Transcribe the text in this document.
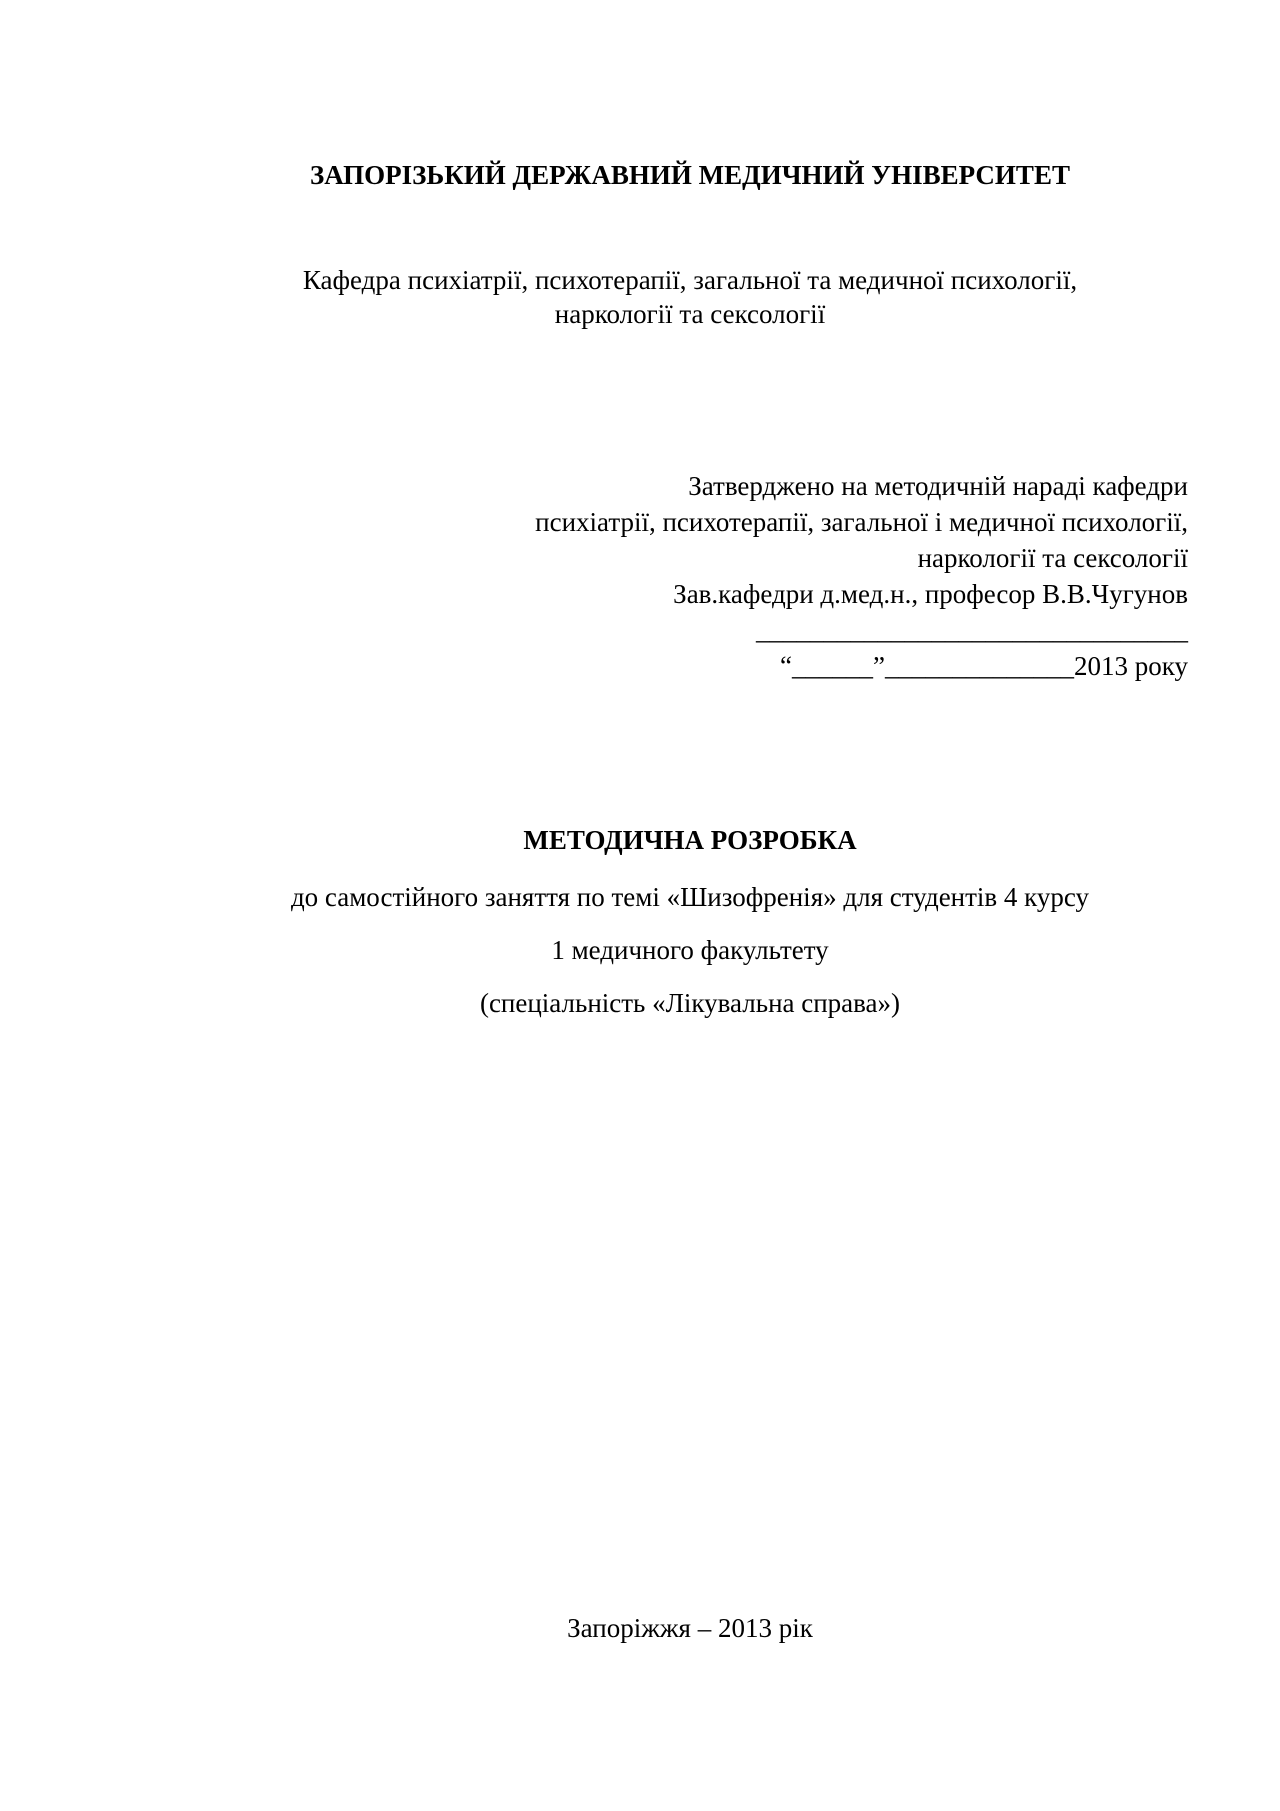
ЗАПОРІЗЬКИЙ ДЕРЖАВНИЙ МЕДИЧНИЙ УНІВЕРСИТЕТ

Кафедра психіатрії, психотерапії, загальної та медичної психології,

наркології та сексології

Затверджено на методичній нараді кафедри
психіатрії, психотерапії, загальної і медичної психології,
наркології та сексології
Зав.кафедри д.мед.н., професор В.В.Чугунов
________________________________
“______”______________2013 року

МЕТОДИЧНА РОЗРОБКА

до самостійного заняття по темі «Шизофренія» для студентів 4 курсу

1 медичного факультету

(спеціальність «Лікувальна справа»)

Запоріжжя – 2013 рік
